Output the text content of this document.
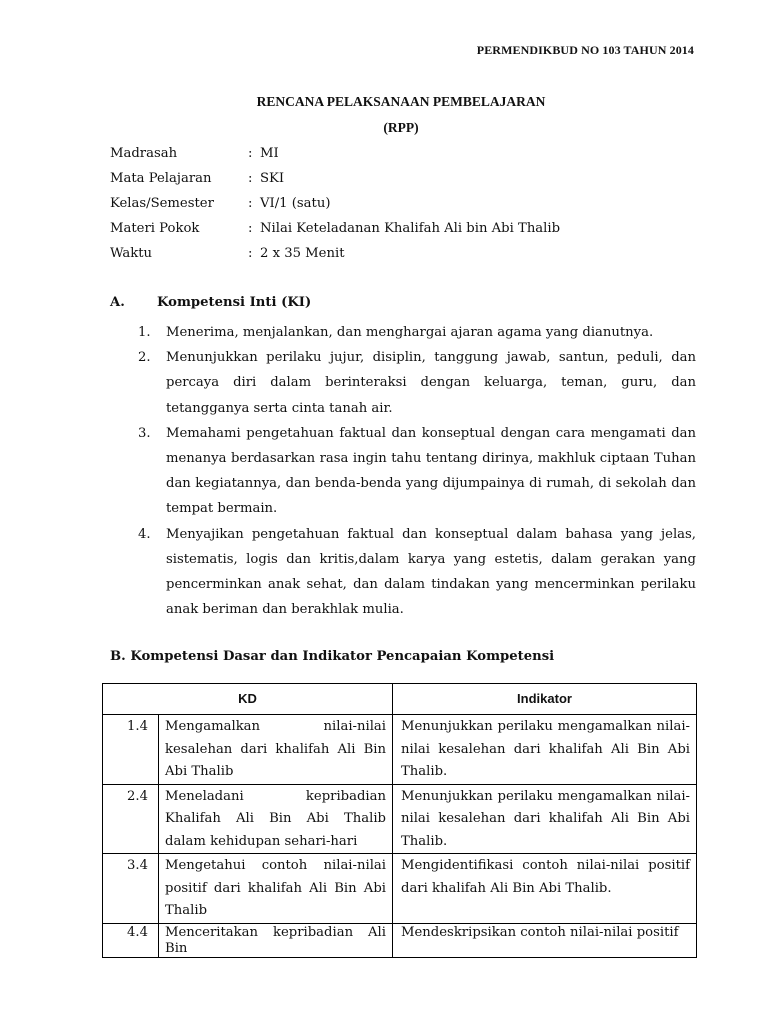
PERMENDIKBUD NO 103 TAHUN 2014
RENCANA PELAKSANAAN PEMBELAJARAN
(RPP)
Madrasah	: MI
Mata Pelajaran	: SKI
Kelas/Semester	: VI/1 (satu)
Materi Pokok	: Nilai Keteladanan Khalifah Ali bin Abi Thalib
Waktu	: 2 x 35 Menit
A. Kompetensi Inti (KI)
1. Menerima, menjalankan, dan menghargai ajaran agama yang dianutnya.
2. Menunjukkan perilaku jujur, disiplin, tanggung jawab, santun, peduli, dan percaya diri dalam berinteraksi dengan keluarga, teman, guru, dan tetangganya serta cinta tanah air.
3. Memahami pengetahuan faktual dan konseptual dengan cara mengamati dan menanya berdasarkan rasa ingin tahu tentang dirinya, makhluk ciptaan Tuhan dan kegiatannya, dan benda-benda yang dijumpainya di rumah, di sekolah dan tempat bermain.
4. Menyajikan pengetahuan faktual dan konseptual dalam bahasa yang jelas, sistematis, logis dan kritis,dalam karya yang estetis, dalam gerakan yang pencerminkan anak sehat, dan dalam tindakan yang mencerminkan perilaku anak beriman dan berakhlak mulia.
B. Kompetensi Dasar dan Indikator Pencapaian Kompetensi
KD		Indikator
1.4	Mengamalkan nilai-nilai kesalehan dari khalifah Ali Bin Abi Thalib	Menunjukkan perilaku mengamalkan nilai-nilai kesalehan dari khalifah Ali Bin Abi Thalib.
2.4	Meneladani kepribadian Khalifah Ali Bin Abi Thalib dalam kehidupan sehari-hari	Menunjukkan perilaku mengamalkan nilai-nilai kesalehan dari khalifah Ali Bin Abi Thalib.
3.4	Mengetahui contoh nilai-nilai positif dari khalifah Ali Bin Abi Thalib	Mengidentifikasi contoh nilai-nilai positif dari khalifah Ali Bin Abi Thalib.
4.4	Menceritakan kepribadian Ali Bin	Mendeskripsikan contoh nilai-nilai positif
